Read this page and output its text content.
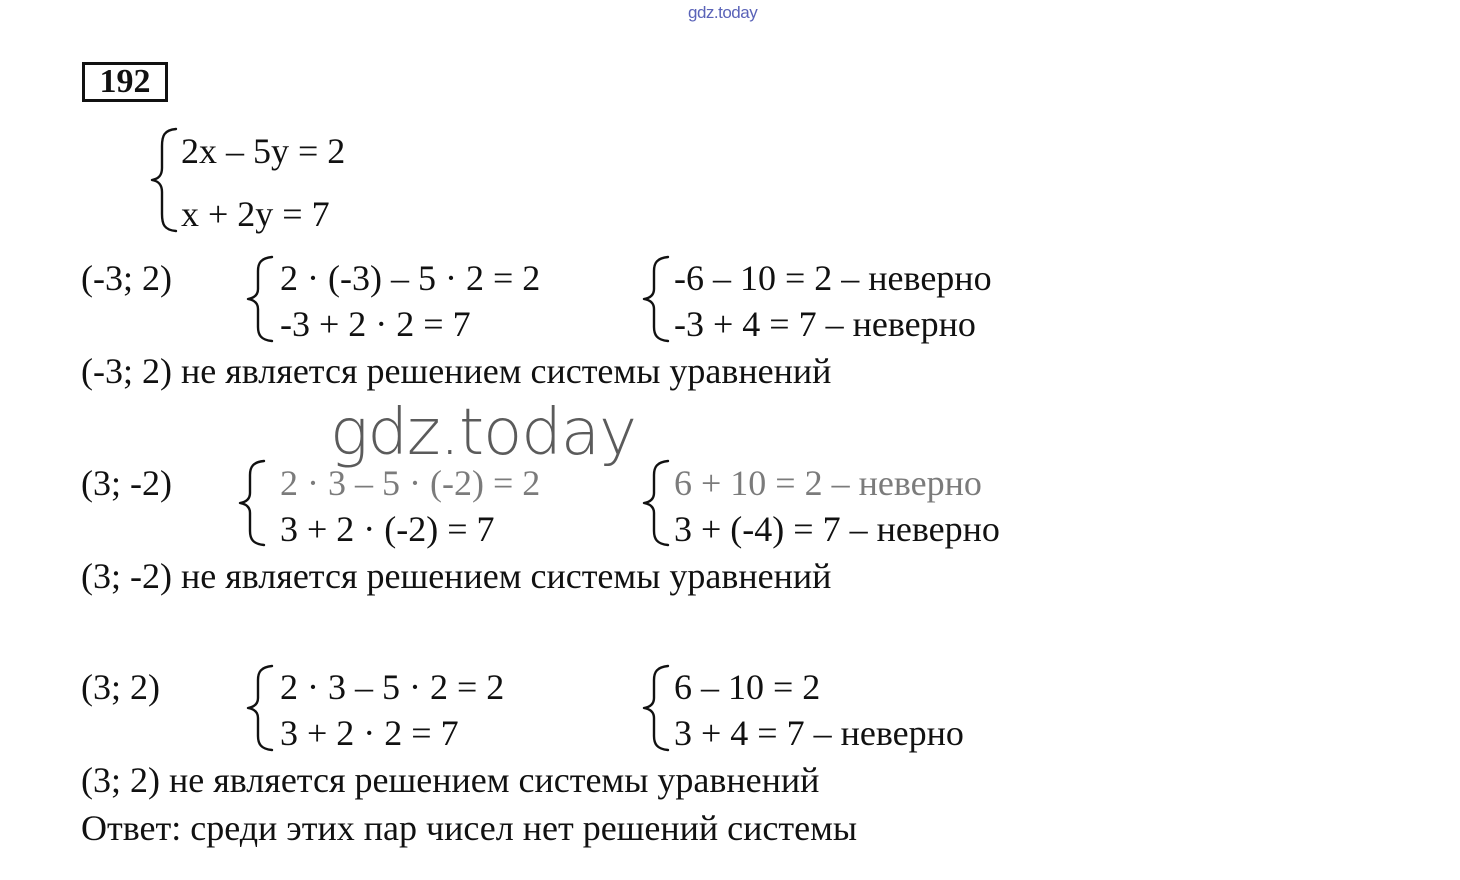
gdz.today
192
2x – 5y = 2
x + 2y = 7
(-3; 2)	2 · (-3) – 5 · 2 = 2
-3 + 2 · 2 = 7
-6 – 10 = 2 – неверно
-3 + 4 = 7 – неверно
(-3; 2) не является решением системы уравнений
(3; -2)	2 · 3 – 5 · (-2) = 2
3 + 2 · (-2) = 7
6 + 10 = 2 – неверно
3 + (-4) = 7 – неверно
(3; -2) не является решением системы уравнений
gdz.today
(3; 2)	2 · 3 – 5 · 2 = 2
3 + 2 · 2 = 7
6 – 10 = 2
3 + 4 = 7 – неверно
(3; 2) не является решением системы уравнений
Ответ: среди этих пар чисел нет решений системы
